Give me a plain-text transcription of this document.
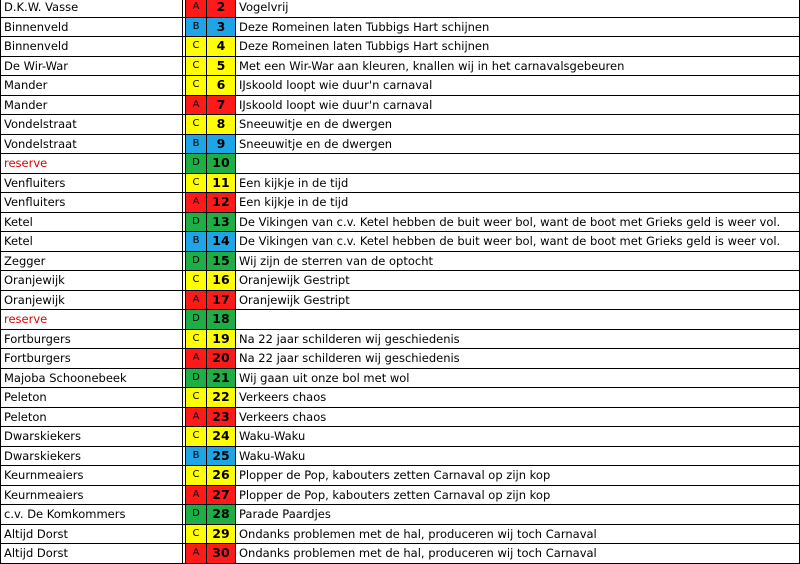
D.K.W. Vasse		A	2	Vogelvrij
Binnenveld		B	3	Deze Romeinen laten Tubbigs Hart schijnen
Binnenveld		C	4	Deze Romeinen laten Tubbigs Hart schijnen
De Wir-War		C	5	Met een Wir-War aan kleuren, knallen wij in het carnavalsgebeuren
Mander		C	6	IJskoold loopt wie duur'n carnaval
Mander		A	7	IJskoold loopt wie duur'n carnaval
Vondelstraat		C	8	Sneeuwitje en de dwergen
Vondelstraat		B	9	Sneeuwitje en de dwergen
reserve		D	10	
Venfluiters		C	11	Een kijkje in de tijd
Venfluiters		A	12	Een kijkje in de tijd
Ketel		D	13	De Vikingen van c.v. Ketel hebben de buit weer bol, want de boot met Grieks geld is weer vol.
Ketel		B	14	De Vikingen van c.v. Ketel hebben de buit weer bol, want de boot met Grieks geld is weer vol.
Zegger		D	15	Wij zijn de sterren van de optocht
Oranjewijk		C	16	Oranjewijk Gestript
Oranjewijk		A	17	Oranjewijk Gestript
reserve		D	18	
Fortburgers		C	19	Na 22 jaar schilderen wij geschiedenis
Fortburgers		A	20	Na 22 jaar schilderen wij geschiedenis
Majoba Schoonebeek		D	21	Wij gaan uit onze bol met wol
Peleton		C	22	Verkeers chaos
Peleton		A	23	Verkeers chaos
Dwarskiekers		C	24	Waku-Waku
Dwarskiekers		B	25	Waku-Waku
Keurnmeaiers		C	26	Plopper de Pop, kabouters zetten Carnaval op zijn kop
Keurnmeaiers		A	27	Plopper de Pop, kabouters zetten Carnaval op zijn kop
c.v. De Komkommers		D	28	Parade Paardjes
Altijd Dorst		C	29	Ondanks problemen met de hal, produceren wij toch Carnaval
Altijd Dorst		A	30	Ondanks problemen met de hal, produceren wij toch Carnaval
